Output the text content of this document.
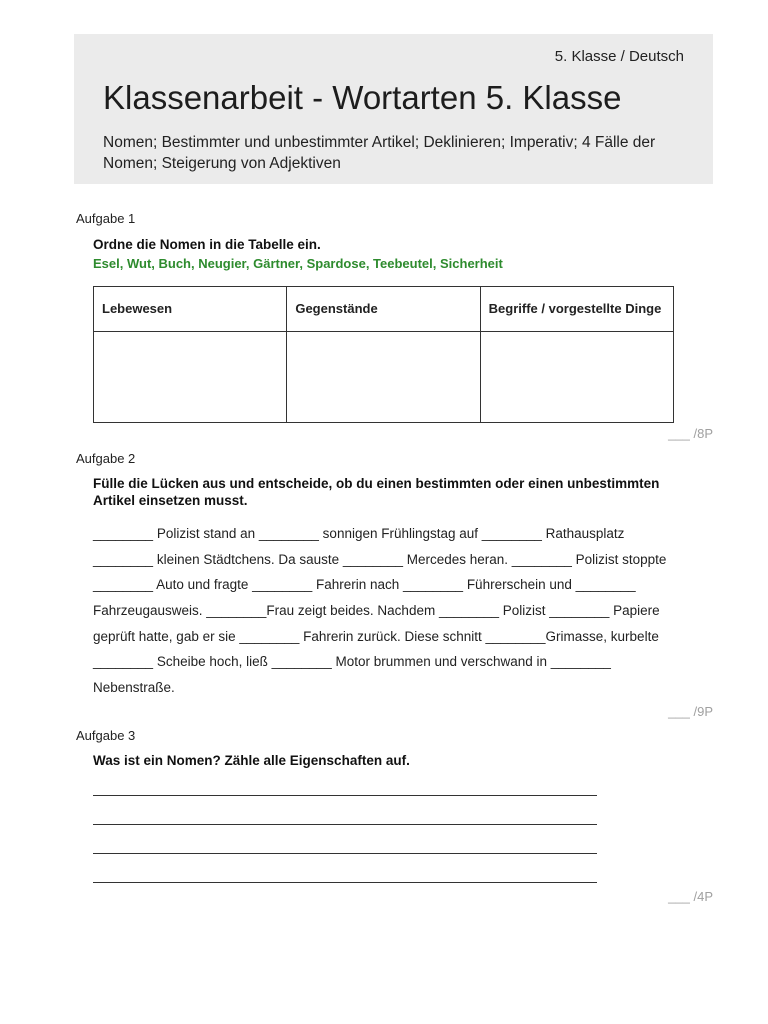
5. Klasse / Deutsch
Klassenarbeit - Wortarten 5. Klasse
Nomen; Bestimmter und unbestimmter Artikel; Deklinieren; Imperativ; 4 Fälle der Nomen; Steigerung von Adjektiven
Aufgabe 1
Ordne die Nomen in die Tabelle ein.
Esel, Wut, Buch, Neugier, Gärtner, Spardose, Teebeutel, Sicherheit
Lebewesen	Gegenstände	Begriffe / vorgestellte Dinge

___ /8P
Aufgabe 2
Fülle die Lücken aus und entscheide, ob du einen bestimmten oder einen unbestimmten Artikel einsetzen musst.
________ Polizist stand an ________ sonnigen Frühlingstag auf ________ Rathausplatz
________ kleinen Städtchens. Da sauste ________ Mercedes heran. ________ Polizist stoppte
________ Auto und fragte ________ Fahrerin nach ________ Führerschein und ________
Fahrzeugausweis. ________Frau zeigt beides. Nachdem ________ Polizist ________ Papiere
geprüft hatte, gab er sie ________ Fahrerin zurück. Diese schnitt ________Grimasse, kurbelte
________ Scheibe hoch, ließ ________ Motor brummen und verschwand in ________
Nebenstraße.
___ /9P
Aufgabe 3
Was ist ein Nomen? Zähle alle Eigenschaften auf.
___ /4P
